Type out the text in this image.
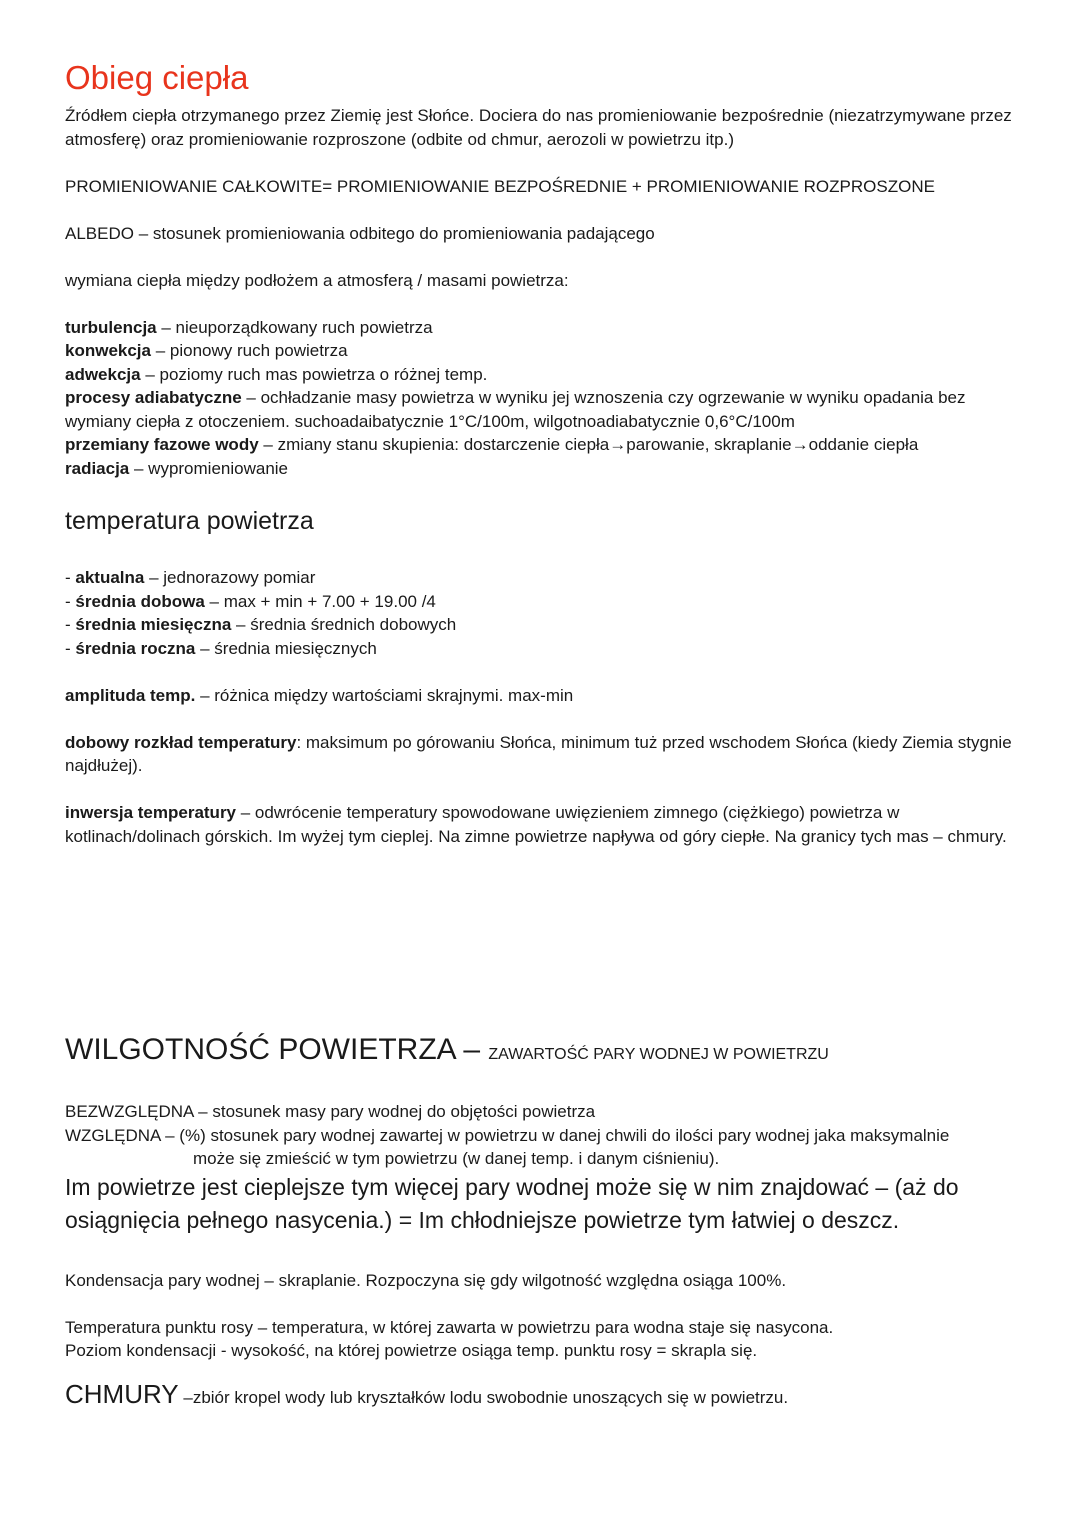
Obieg ciepła

Źródłem ciepła otrzymanego przez Ziemię jest Słońce. Dociera do nas promieniowanie bezpośrednie (niezatrzymywane przez atmosferę) oraz promieniowanie rozproszone (odbite od chmur, aerozoli w powietrzu itp.)

PROMIENIOWANIE CAŁKOWITE= PROMIENIOWANIE BEZPOŚREDNIE + PROMIENIOWANIE ROZPROSZONE

ALBEDO – stosunek promieniowania odbitego do promieniowania padającego

wymiana ciepła między podłożem a atmosferą / masami powietrza:

turbulencja – nieuporządkowany ruch powietrza

konwekcja – pionowy ruch powietrza

adwekcja – poziomy ruch mas powietrza o różnej temp.

procesy adiabatyczne – ochładzanie masy powietrza w wyniku jej wznoszenia czy ogrzewanie w wyniku opadania bez wymiany ciepła z otoczeniem. suchoadaibatycznie 1°C/100m, wilgotnoadiabatycznie 0,6°C/100m

przemiany fazowe wody – zmiany stanu skupienia: dostarczenie ciepła→parowanie, skraplanie→oddanie ciepła

radiacja – wypromieniowanie

temperatura powietrza

- aktualna – jednorazowy pomiar

- średnia dobowa – max + min + 7.00 + 19.00 /4

- średnia miesięczna – średnia średnich dobowych

- średnia roczna – średnia miesięcznych

amplituda temp. – różnica między wartościami skrajnymi. max-min

dobowy rozkład temperatury: maksimum po górowaniu Słońca, minimum tuż przed wschodem Słońca (kiedy Ziemia stygnie najdłużej).

inwersja temperatury – odwrócenie temperatury spowodowane uwięzieniem zimnego (ciężkiego) powietrza w kotlinach/dolinach górskich. Im wyżej tym cieplej. Na zimne powietrze napływa od góry ciepłe. Na granicy tych mas – chmury.

WILGOTNOŚĆ POWIETRZA – ZAWARTOŚĆ PARY WODNEJ W POWIETRZU

BEZWZGLĘDNA – stosunek masy pary wodnej do objętości powietrza

WZGLĘDNA – (%) stosunek pary wodnej zawartej w powietrzu w danej chwili do ilości pary wodnej jaka maksymalnie

może się zmieścić w tym powietrzu (w danej temp. i danym ciśnieniu).

Im powietrze jest cieplejsze tym więcej pary wodnej może się w nim znajdować – (aż do osiągnięcia pełnego nasycenia.) = Im chłodniejsze powietrze tym łatwiej o deszcz.

Kondensacja pary wodnej – skraplanie. Rozpoczyna się gdy wilgotność względna osiąga 100%.

Temperatura punktu rosy – temperatura, w której zawarta w powietrzu para wodna staje się nasycona.

Poziom kondensacji - wysokość, na której powietrze osiąga temp. punktu rosy = skrapla się.

CHMURY –zbiór kropel wody lub kryształków lodu swobodnie unoszących się w powietrzu.
